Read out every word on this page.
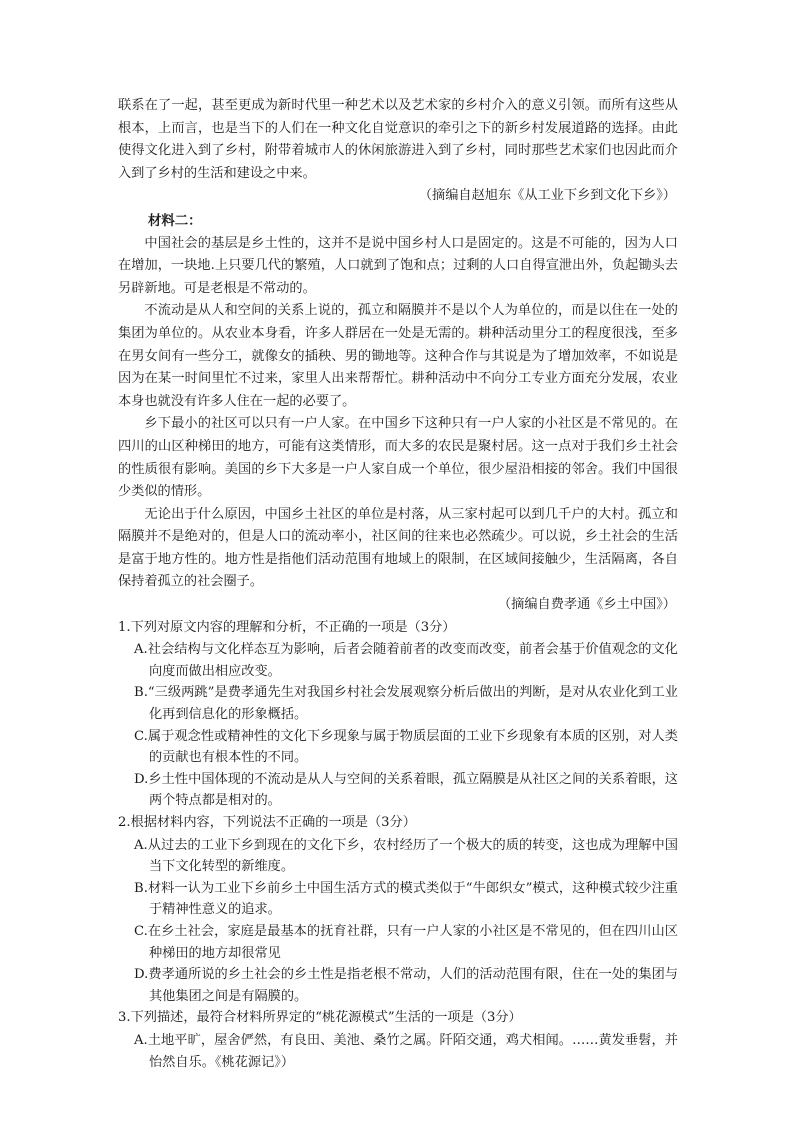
联系在了一起，甚至更成为新时代里一种艺术以及艺术家的乡村介入的意义引领。而所有这些从根本，上而言，也是当下的人们在一种文化自觉意识的牵引之下的新乡村发展道路的选择。由此使得文化进入到了乡村，附带着城市人的休闲旅游进入到了乡村，同时那些艺术家们也因此而介入到了乡村的生活和建设之中来。

（摘编自赵旭东《从工业下乡到文化下乡》）

材料二：

中国社会的基层是乡土性的，这并不是说中国乡村人口是固定的。这是不可能的，因为人口在增加，一块地.上只要几代的繁殖，人口就到了饱和点；过剩的人口自得宣泄出外，负起锄头去另辟新地。可是老根是不常动的。

不流动是从人和空间的关系上说的，孤立和隔膜并不是以个人为单位的，而是以住在一处的集团为单位的。从农业本身看，许多人群居在一处是无需的。耕种活动里分工的程度很浅，至多在男女间有一些分工，就像女的插秧、男的锄地等。这种合作与其说是为了增加效率，不如说是因为在某一时间里忙不过来，家里人出来帮帮忙。耕种活动中不向分工专业方面充分发展，农业本身也就没有许多人住在一起的必要了。

乡下最小的社区可以只有一户人家。在中国乡下这种只有一户人家的小社区是不常见的。在四川的山区种梯田的地方，可能有这类情形，而大多的农民是聚村居。这一点对于我们乡土社会的性质很有影响。美国的乡下大多是一户人家自成一个单位，很少屋沿相接的邻舍。我们中国很少类似的情形。

无论出于什么原因，中国乡土社区的单位是村落，从三家村起可以到几千户的大村。孤立和隔膜并不是绝对的，但是人口的流动率小，社区间的往来也必然疏少。可以说，乡土社会的生活是富于地方性的。地方性是指他们活动范围有地域上的限制，在区域间接触少，生活隔离，各自保持着孤立的社会圈子。

（摘编自费孝通《乡土中国》）

1.下列对原文内容的理解和分析，不正确的一项是（3分）

A.社会结构与文化样态互为影响，后者会随着前者的改变而改变，前者会基于价值观念的文化向度而做出相应改变。

B.“三级两跳”是费孝通先生对我国乡村社会发展观察分析后做出的判断，是对从农业化到工业化再到信息化的形象概括。

C.属于观念性或精神性的文化下乡现象与属于物质层面的工业下乡现象有本质的区别，对人类的贡献也有根本性的不同。

D.乡土性中国体现的不流动是从人与空间的关系着眼，孤立隔膜是从社区之间的关系着眼，这两个特点都是相对的。

2.根据材料内容，下列说法不正确的一项是（3分）

A.从过去的工业下乡到现在的文化下乡，农村经历了一个极大的质的转变，这也成为理解中国当下文化转型的新维度。

B.材料一认为工业下乡前乡土中国生活方式的模式类似于“牛郎织女”模式，这种模式较少注重于精神性意义的追求。

C.在乡土社会，家庭是最基本的抚育社群，只有一户人家的小社区是不常见的，但在四川山区种梯田的地方却很常见

D.费孝通所说的乡土社会的乡土性是指老根不常动，人们的活动范围有限，住在一处的集团与其他集团之间是有隔膜的。

3.下列描述，最符合材料所界定的“桃花源模式”生活的一项是（3分）

A.土地平旷，屋舍俨然，有良田、美池、桑竹之属。阡陌交通，鸡犬相闻。……黄发垂髫，并怡然自乐。《桃花源记》）
